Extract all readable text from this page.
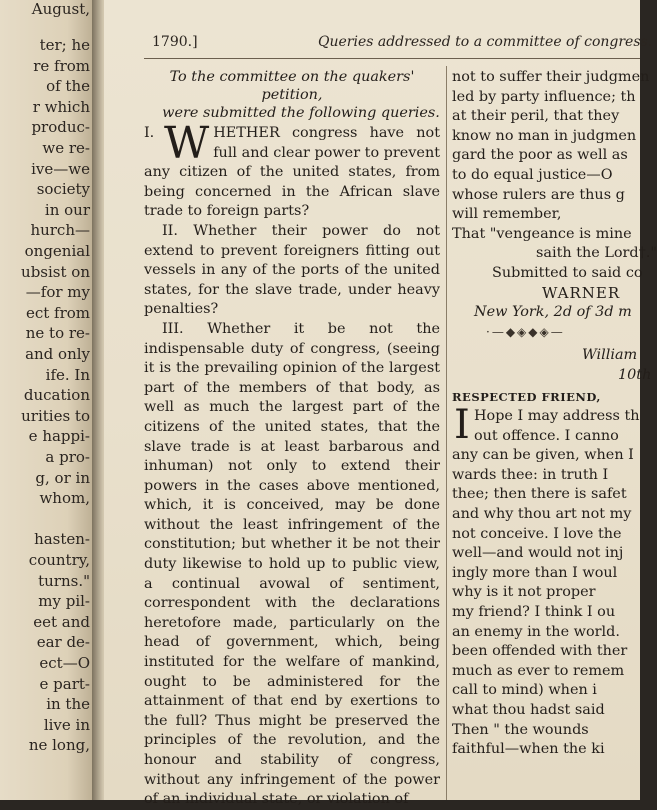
August,
ter; he
re from
of the
r which
produc-
we re-
ive—we
society
in our
hurch—
ongenial
ubsist on
—for my
ect from
ne to re-
and only
ife. In
ducation
urities to
e happi-
a pro-
g, or in
whom,
hasten-
country,
turns."
my pil-
eet and
ear de-
ect—O
e part-
in the
live in
ne long,
1790.]	Queries addressed to a committee of congress.
To the committee on the quakers' petition,
were submitted the following queries.
I. W HETHER congress have not full and clear power to prevent any citizen of the united states, from being concerned in the African slave trade to foreign parts?
II. Whether their power do not extend to prevent foreigners fitting out vessels in any of the ports of the united states, for the slave trade, under heavy penalties?
III. Whether it be not the indispensable duty of congress, (seeing it is the prevailing opinion of the largest part of the members of that body, as well as much the largest part of the citizens of the united states, that the slave trade is at least barbarous and inhuman) not only to extend their powers in the cases above mentioned, which, it is conceived, may be done without the least infringement of the constitution; but whether it be not their duty likewise to hold up to public view, a continual avowal of sentiment, correspondent with the declarations heretofore made, particularly on the head of government, which, being instituted for the welfare of mankind, ought to be administered for the attainment of that end by exertions to the full? Thus might be preserved the principles of the revolution, and the honour and stability of congress, without any infringement of the power of an individual state, or violation of
not to suffer their judgmen
led by party influence; th
at their peril, that they
know no man in judgmen
gard the poor as well as
to do equal justice—O
whose rulers are thus g
will remember,
That "vengeance is mine
saith the Lord†."
Submitted to said co
WARNER
New York, 2d of 3d m
·—◆◈◆◈—
William
10th
RESPECTED FRIEND,
I Hope I may address th
out offence. I canno
any can be given, when I
wards thee: in truth I
thee; then there is safet
and why thou art not my
not conceive. I love the
well—and would not inj
ingly more than I woul
why is it not proper
my friend? I think I ou
an enemy in the world.
been offended with ther
much as ever to remem
call to mind) when i
what thou hadst said
Then " the wounds
faithful—when the ki
